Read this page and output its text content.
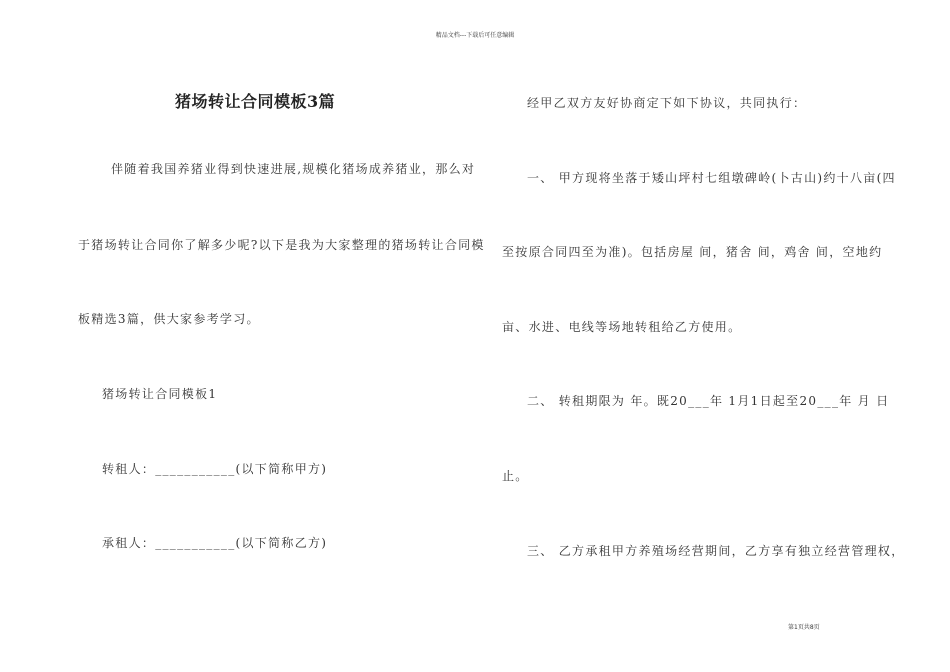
精品文档---下载后可任意编辑
猪场转让合同模板3篇
伴随着我国养猪业得到快速进展,规模化猪场成养猪业，那么对
于猪场转让合同你了解多少呢?以下是我为大家整理的猪场转让合同模
板精选3篇，供大家参考学习。
猪场转让合同模板1
转租人：___________(以下简称甲方)
承租人：___________(以下简称乙方)
经甲乙双方友好协商定下如下协议，共同执行：
一、 甲方现将坐落于矮山坪村七组墩碑岭(卜古山)约十八亩(四
至按原合同四至为准)。包括房屋 间，猪舍 间，鸡舍 间，空地约
亩、水进、电线等场地转租给乙方使用。
二、 转租期限为 年。既20___年 1月1日起至20___年 月 日
止。
三、 乙方承租甲方养殖场经营期间，乙方享有独立经营管理权，
第1页共8页
